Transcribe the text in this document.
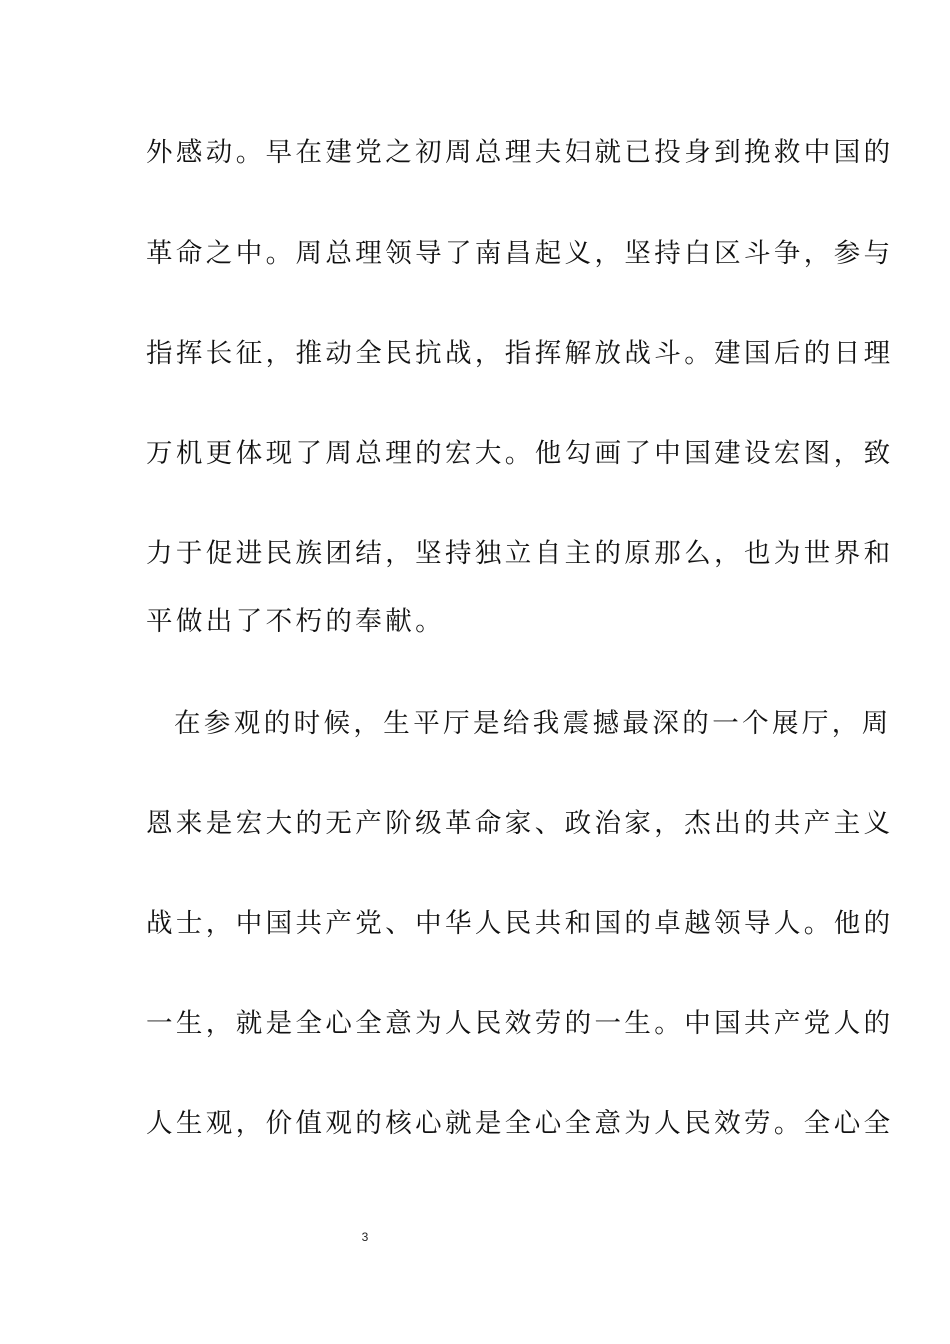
外感动。早在建党之初周总理夫妇就已投身到挽救中国的
革命之中。周总理领导了南昌起义，坚持白区斗争，参与
指挥长征，推动全民抗战，指挥解放战斗。建国后的日理
万机更体现了周总理的宏大。他勾画了中国建设宏图，致
力于促进民族团结，坚持独立自主的原那么，也为世界和
平做出了不朽的奉献。
在参观的时候，生平厅是给我震撼最深的一个展厅，周
恩来是宏大的无产阶级革命家、政治家，杰出的共产主义
战士，中国共产党、中华人民共和国的卓越领导人。他的
一生，就是全心全意为人民效劳的一生。中国共产党人的
人生观，价值观的核心就是全心全意为人民效劳。全心全
3
